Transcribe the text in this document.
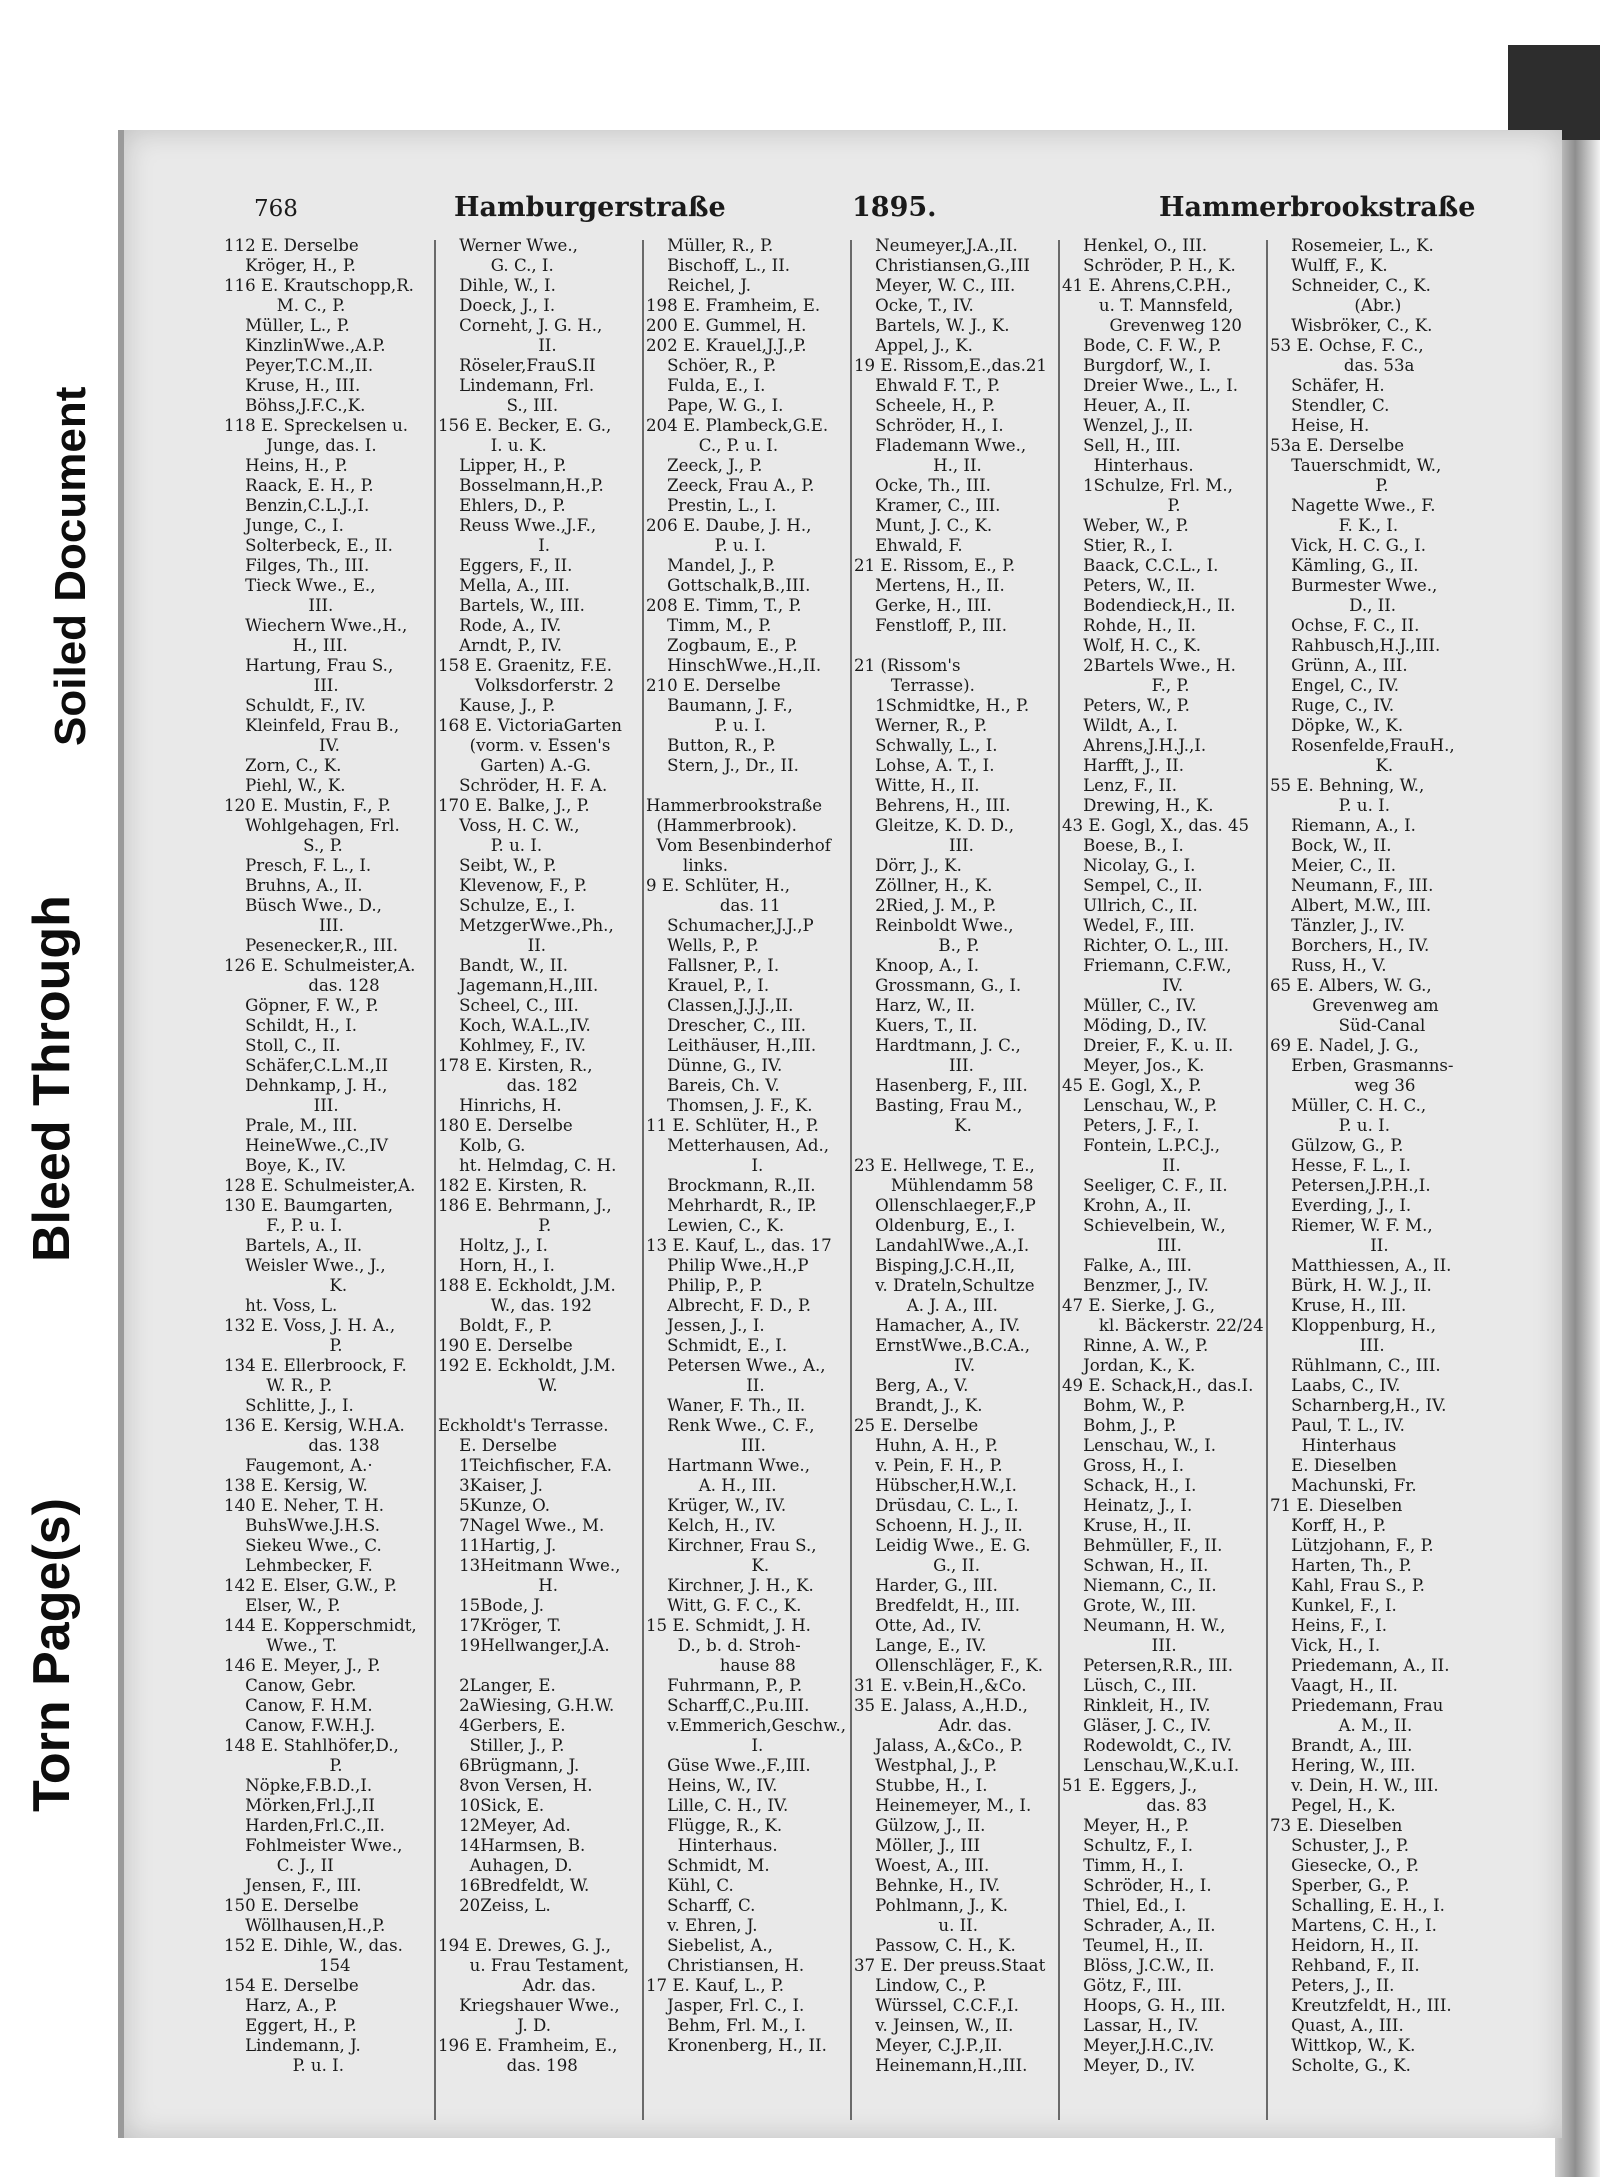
Torn Page(s)
Bleed Through
Soiled Document
768	Hamburgerstraße	1895.	Hammerbrookstraße
112 E. Derselbe
Kröger, H., P.
116 E. Krautschopp,R.
M. C., P.
Müller, L., P.
KinzlinWwe.,A.P.
Peyer,T.C.M.,II.
Kruse, H., III.
Böhss,J.F.C.,K.
118 E. Spreckelsen u.
Junge, das. I.
Heins, H., P.
Raack, E. H., P.
Benzin,C.L.J.,I.
Junge, C., I.
Solterbeck, E., II.
Filges, Th., III.
Tieck Wwe., E.,
III.
Wiechern Wwe.,H.,
H., III.
Hartung, Frau S.,
III.
Schuldt, F., IV.
Kleinfeld, Frau B.,
IV.
Zorn, C., K.
Piehl, W., K.
120 E. Mustin, F., P.
Wohlgehagen, Frl.
S., P.
Presch, F. L., I.
Bruhns, A., II.
Büsch Wwe., D.,
III.
Pesenecker,R., III.
126 E. Schulmeister,A.
das. 128
Göpner, F. W., P.
Schildt, H., I.
Stoll, C., II.
Schäfer,C.L.M.,II
Dehnkamp, J. H.,
III.
Prale, M., III.
HeineWwe.,C.,IV
Boye, K., IV.
128 E. Schulmeister,A.
130 E. Baumgarten,
F., P. u. I.
Bartels, A., II.
Weisler Wwe., J.,
K.
ht. Voss, L.
132 E. Voss, J. H. A.,
P.
134 E. Ellerbroock, F.
W. R., P.
Schlitte, J., I.
136 E. Kersig, W.H.A.
das. 138
Faugemont, A.·
138 E. Kersig, W.
140 E. Neher, T. H.
BuhsWwe.J.H.S.
Siekeu Wwe., C.
Lehmbecker, F.
142 E. Elser, G.W., P.
Elser, W., P.
144 E. Kopperschmidt,
Wwe., T.
146 E. Meyer, J., P.
Canow, Gebr.
Canow, F. H.M.
Canow, F.W.H.J.
148 E. Stahlhöfer,D.,
P.
Nöpke,F.B.D.,I.
Mörken,Frl.J.,II
Harden,Frl.C.,II.
Fohlmeister Wwe.,
C. J., II
Jensen, F., III.
150 E. Derselbe
Wöllhausen,H.,P.
152 E. Dihle, W., das.
154
154 E. Derselbe
Harz, A., P.
Eggert, H., P.
Lindemann, J.
P. u. I.
Werner Wwe.,
G. C., I.
Dihle, W., I.
Doeck, J., I.
Corneht, J. G. H.,
II.
Röseler,FrauS.II
Lindemann, Frl.
S., III.
156 E. Becker, E. G.,
I. u. K.
Lipper, H., P.
Bosselmann,H.,P.
Ehlers, D., P.
Reuss Wwe.,J.F.,
I.
Eggers, F., II.
Mella, A., III.
Bartels, W., III.
Rode, A., IV.
Arndt, P., IV.
158 E. Graenitz, F.E.
Volksdorferstr. 2
Kause, J., P.
168 E. VictoriaGarten
(vorm. v. Essen's
Garten) A.-G.
Schröder, H. F. A.
170 E. Balke, J., P.
Voss, H. C. W.,
P. u. I.
Seibt, W., P.
Klevenow, F., P.
Schulze, E., I.
MetzgerWwe.,Ph.,
II.
Bandt, W., II.
Jagemann,H.,III.
Scheel, C., III.
Koch, W.A.L.,IV.
Kohlmey, F., IV.
178 E. Kirsten, R.,
das. 182
Hinrichs, H.
180 E. Derselbe
Kolb, G.
ht. Helmdag, C. H.
182 E. Kirsten, R.
186 E. Behrmann, J.,
P.
Holtz, J., I.
Horn, H., I.
188 E. Eckholdt, J.M.
W., das. 192
Boldt, F., P.
190 E. Derselbe
192 E. Eckholdt, J.M.
W.
Eckholdt's Terrasse.
E. Derselbe
1Teichfischer, F.A.
3Kaiser, J.
5Kunze, O.
7Nagel Wwe., M.
11Hartig, J.
13Heitmann Wwe.,
H.
15Bode, J.
17Kröger, T.
19Hellwanger,J.A.
2Langer, E.
2aWiesing, G.H.W.
4Gerbers, E.
Stiller, J., P.
6Brügmann, J.
8von Versen, H.
10Sick, E.
12Meyer, Ad.
14Harmsen, B.
Auhagen, D.
16Bredfeldt, W.
20Zeiss, L.
194 E. Drewes, G. J.,
u. Frau Testament,
Adr. das.
Kriegshauer Wwe.,
J. D.
196 E. Framheim, E.,
das. 198
Müller, R., P.
Bischoff, L., II.
Reichel, J.
198 E. Framheim, E.
200 E. Gummel, H.
202 E. Krauel,J.J.,P.
Schöer, R., P.
Fulda, E., I.
Pape, W. G., I.
204 E. Plambeck,G.E.
C., P. u. I.
Zeeck, J., P.
Zeeck, Frau A., P.
Prestin, L., I.
206 E. Daube, J. H.,
P. u. I.
Mandel, J., P.
Gottschalk,B.,III.
208 E. Timm, T., P.
Timm, M., P.
Zogbaum, E., P.
HinschWwe.,H.,II.
210 E. Derselbe
Baumann, J. F.,
P. u. I.
Button, R., P.
Stern, J., Dr., II.
Hammerbrookstraße
(Hammerbrook).
Vom Besenbinderhof
links.
9 E. Schlüter, H.,
das. 11
Schumacher,J.J.,P
Wells, P., P.
Fallsner, P., I.
Krauel, P., I.
Classen,J.J.J.,II.
Drescher, C., III.
Leithäuser, H.,III.
Dünne, G., IV.
Bareis, Ch. V.
Thomsen, J. F., K.
11 E. Schlüter, H., P.
Metterhausen, Ad.,
I.
Brockmann, R.,II.
Mehrhardt, R., IP.
Lewien, C., K.
13 E. Kauf, L., das. 17
Philip Wwe.,H.,P
Philip, P., P.
Albrecht, F. D., P.
Jessen, J., I.
Schmidt, E., I.
Petersen Wwe., A.,
II.
Waner, F. Th., II.
Renk Wwe., C. F.,
III.
Hartmann Wwe.,
A. H., III.
Krüger, W., IV.
Kelch, H., IV.
Kirchner, Frau S.,
K.
Kirchner, J. H., K.
Witt, G. F. C., K.
15 E. Schmidt, J. H.
D., b. d. Stroh-
hause 88
Fuhrmann, P., P.
Scharff,C.,P.u.III.
v.Emmerich,Geschw.,
I.
Güse Wwe.,F.,III.
Heins, W., IV.
Lille, C. H., IV.
Flügge, R., K.
Hinterhaus.
Schmidt, M.
Kühl, C.
Scharff, C.
v. Ehren, J.
Siebelist, A.,
Christiansen, H.
17 E. Kauf, L., P.
Jasper, Frl. C., I.
Behm, Frl. M., I.
Kronenberg, H., II.
Neumeyer,J.A.,II.
Christiansen,G.,III
Meyer, W. C., III.
Ocke, T., IV.
Bartels, W. J., K.
Appel, J., K.
19 E. Rissom,E.,das.21
Ehwald F. T., P.
Scheele, H., P.
Schröder, H., I.
Flademann Wwe.,
H., II.
Ocke, Th., III.
Kramer, C., III.
Munt, J. C., K.
Ehwald, F.
21 E. Rissom, E., P.
Mertens, H., II.
Gerke, H., III.
Fenstloff, P., III.
21 (Rissom's
Terrasse).
1Schmidtke, H., P.
Werner, R., P.
Schwally, L., I.
Lohse, A. T., I.
Witte, H., II.
Behrens, H., III.
Gleitze, K. D. D.,
III.
Dörr, J., K.
Zöllner, H., K.
2Ried, J. M., P.
Reinboldt Wwe.,
B., P.
Knoop, A., I.
Grossmann, G., I.
Harz, W., II.
Kuers, T., II.
Hardtmann, J. C.,
III.
Hasenberg, F., III.
Basting, Frau M.,
K.
23 E. Hellwege, T. E.,
Mühlendamm 58
Ollenschlaeger,F.,P
Oldenburg, E., I.
LandahlWwe.,A.,I.
Bisping,J.C.H.,II,
v. Drateln,Schultze
A. J. A., III.
Hamacher, A., IV.
ErnstWwe.,B.C.A.,
IV.
Berg, A., V.
Brandt, J., K.
25 E. Derselbe
Huhn, A. H., P.
v. Pein, F. H., P.
Hübscher,H.W.,I.
Drüsdau, C. L., I.
Schoenn, H. J., II.
Leidig Wwe., E. G.
G., II.
Harder, G., III.
Bredfeldt, H., III.
Otte, Ad., IV.
Lange, E., IV.
Ollenschläger, F., K.
31 E. v.Bein,H.,&Co.
35 E. Jalass, A.,H.D.,
Adr. das.
Jalass, A.,&Co., P.
Westphal, J., P.
Stubbe, H., I.
Heinemeyer, M., I.
Gülzow, J., II.
Möller, J., III
Woest, A., III.
Behnke, H., IV.
Pohlmann, J., K.
u. II.
Passow, C. H., K.
37 E. Der preuss.Staat
Lindow, C., P.
Würssel, C.C.F.,I.
v. Jeinsen, W., II.
Meyer, C.J.P.,II.
Heinemann,H.,III.
Henkel, O., III.
Schröder, P. H., K.
41 E. Ahrens,C.P.H.,
u. T. Mannsfeld,
Grevenweg 120
Bode, C. F. W., P.
Burgdorf, W., I.
Dreier Wwe., L., I.
Heuer, A., II.
Wenzel, J., II.
Sell, H., III.
Hinterhaus.
1Schulze, Frl. M.,
P.
Weber, W., P.
Stier, R., I.
Baack, C.C.L., I.
Peters, W., II.
Bodendieck,H., II.
Rohde, H., II.
Wolf, H. C., K.
2Bartels Wwe., H.
F., P.
Peters, W., P.
Wildt, A., I.
Ahrens,J.H.J.,I.
Harfft, J., II.
Lenz, F., II.
Drewing, H., K.
43 E. Gogl, X., das. 45
Boese, B., I.
Nicolay, G., I.
Sempel, C., II.
Ullrich, C., II.
Wedel, F., III.
Richter, O. L., III.
Friemann, C.F.W.,
IV.
Müller, C., IV.
Möding, D., IV.
Dreier, F., K. u. II.
Meyer, Jos., K.
45 E. Gogl, X., P.
Lenschau, W., P.
Peters, J. F., I.
Fontein, L.P.C.J.,
II.
Seeliger, C. F., II.
Krohn, A., II.
Schievelbein, W.,
III.
Falke, A., III.
Benzmer, J., IV.
47 E. Sierke, J. G.,
kl. Bäckerstr. 22/24
Rinne, A. W., P.
Jordan, K., K.
49 E. Schack,H., das.I.
Bohm, W., P.
Bohm, J., P.
Lenschau, W., I.
Gross, H., I.
Schack, H., I.
Heinatz, J., I.
Kruse, H., II.
Behmüller, F., II.
Schwan, H., II.
Niemann, C., II.
Grote, W., III.
Neumann, H. W.,
III.
Petersen,R.R., III.
Lüsch, C., III.
Rinkleit, H., IV.
Gläser, J. C., IV.
Rodewoldt, C., IV.
Lenschau,W.,K.u.I.
51 E. Eggers, J.,
das. 83
Meyer, H., P.
Schultz, F., I.
Timm, H., I.
Schröder, H., I.
Thiel, Ed., I.
Schrader, A., II.
Teumel, H., II.
Blöss, J.C.W., II.
Götz, F., III.
Hoops, G. H., III.
Lassar, H., IV.
Meyer,J.H.C.,IV.
Meyer, D., IV.
Rosemeier, L., K.
Wulff, F., K.
Schneider, C., K.
(Abr.)
Wisbröker, C., K.
53 E. Ochse, F. C.,
das. 53a
Schäfer, H.
Stendler, C.
Heise, H.
53a E. Derselbe
Tauerschmidt, W.,
P.
Nagette Wwe., F.
F. K., I.
Vick, H. C. G., I.
Kämling, G., II.
Burmester Wwe.,
D., II.
Ochse, F. C., II.
Rahbusch,H.J.,III.
Grünn, A., III.
Engel, C., IV.
Ruge, C., IV.
Döpke, W., K.
Rosenfelde,FrauH.,
K.
55 E. Behning, W.,
P. u. I.
Riemann, A., I.
Bock, W., II.
Meier, C., II.
Neumann, F., III.
Albert, M.W., III.
Tänzler, J., IV.
Borchers, H., IV.
Russ, H., V.
65 E. Albers, W. G.,
Grevenweg am
Süd-Canal
69 E. Nadel, J. G.,
Erben, Grasmanns-
weg 36
Müller, C. H. C.,
P. u. I.
Gülzow, G., P.
Hesse, F. L., I.
Petersen,J.P.H.,I.
Everding, J., I.
Riemer, W. F. M.,
II.
Matthiessen, A., II.
Bürk, H. W. J., II.
Kruse, H., III.
Kloppenburg, H.,
III.
Rühlmann, C., III.
Laabs, C., IV.
Scharnberg,H., IV.
Paul, T. L., IV.
Hinterhaus
E. Dieselben
Machunski, Fr.
71 E. Dieselben
Korff, H., P.
Lützjohann, F., P.
Harten, Th., P.
Kahl, Frau S., P.
Kunkel, F., I.
Heins, F., I.
Vick, H., I.
Priedemann, A., II.
Vaagt, H., II.
Priedemann, Frau
A. M., II.
Brandt, A., III.
Hering, W., III.
v. Dein, H. W., III.
Pegel, H., K.
73 E. Dieselben
Schuster, J., P.
Giesecke, O., P.
Sperber, G., P.
Schalling, E. H., I.
Martens, C. H., I.
Heidorn, H., II.
Rehband, F., II.
Peters, J., II.
Kreutzfeldt, H., III.
Quast, A., III.
Wittkop, W., K.
Scholte, G., K.
